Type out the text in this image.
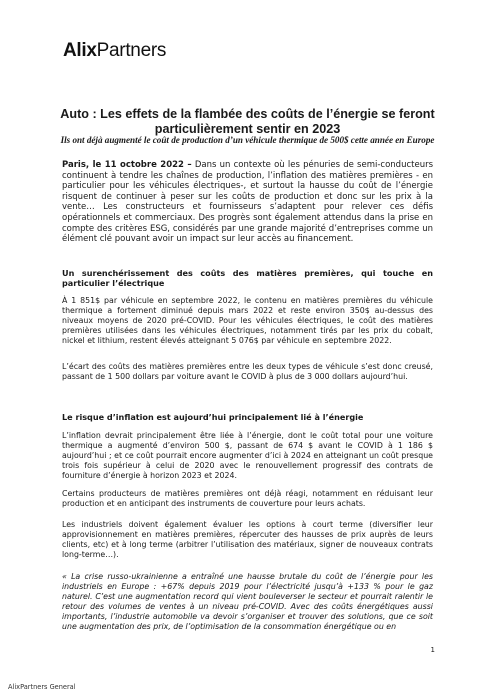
AlixPartners
Auto : Les effets de la flambée des coûts de l’énergie se feront particulièrement sentir en 2023
Ils ont déjà augmenté le coût de production d’un véhicule thermique de 500$ cette année en Europe
Paris, le 11 octobre 2022 – Dans un contexte où les pénuries de semi-conducteurs continuent à tendre les chaînes de production, l’inflation des matières premières - en particulier pour les véhicules électriques-, et surtout la hausse du coût de l’énergie risquent de continuer à peser sur les coûts de production et donc sur les prix à la vente… Les constructeurs et fournisseurs s’adaptent pour relever ces défis opérationnels et commerciaux. Des progrès sont également attendus dans la prise en compte des critères ESG, considérés par une grande majorité d’entreprises comme un élément clé pouvant avoir un impact sur leur accès au financement.
Un surenchérissement des coûts des matières premières, qui touche en particulier l’électrique
À 1 851$ par véhicule en septembre 2022, le contenu en matières premières du véhicule thermique a fortement diminué depuis mars 2022 et reste environ 350$ au-dessus des niveaux moyens de 2020 pré-COVID. Pour les véhicules électriques, le coût des matières premières utilisées dans les véhicules électriques, notamment tirés par les prix du cobalt, nickel et lithium, restent élevés atteignant 5 076$ par véhicule en septembre 2022.
L’écart des coûts des matières premières entre les deux types de véhicule s’est donc creusé, passant de 1 500 dollars par voiture avant le COVID à plus de 3 000 dollars aujourd’hui.
Le risque d’inflation est aujourd’hui principalement lié à l’énergie
L’inflation devrait principalement être liée à l’énergie, dont le coût total pour une voiture thermique a augmenté d’environ 500 $, passant de 674 $ avant le COVID à 1 186 $ aujourd’hui ; et ce coût pourrait encore augmenter d’ici à 2024 en atteignant un coût presque trois fois supérieur à celui de 2020 avec le renouvellement progressif des contrats de fourniture d’énergie à horizon 2023 et 2024.
Certains producteurs de matières premières ont déjà réagi, notamment en réduisant leur production et en anticipant des instruments de couverture pour leurs achats.
Les industriels doivent également évaluer les options à court terme (diversifier leur approvisionnement en matières premières, répercuter des hausses de prix auprès de leurs clients, etc) et à long terme (arbitrer l’utilisation des matériaux, signer de nouveaux contrats long-terme…).
« La crise russo-ukrainienne a entraîné une hausse brutale du coût de l’énergie pour les industriels en Europe : +67% depuis 2019 pour l’électricité jusqu’à +133 % pour le gaz naturel. C’est une augmentation record qui vient bouleverser le secteur et pourrait ralentir le retour des volumes de ventes à un niveau pré-COVID. Avec des coûts énergétiques aussi importants, l’industrie automobile va devoir s’organiser et trouver des solutions, que ce soit une augmentation des prix, de l’optimisation de la consommation énergétique ou en
1
AlixPartners General
